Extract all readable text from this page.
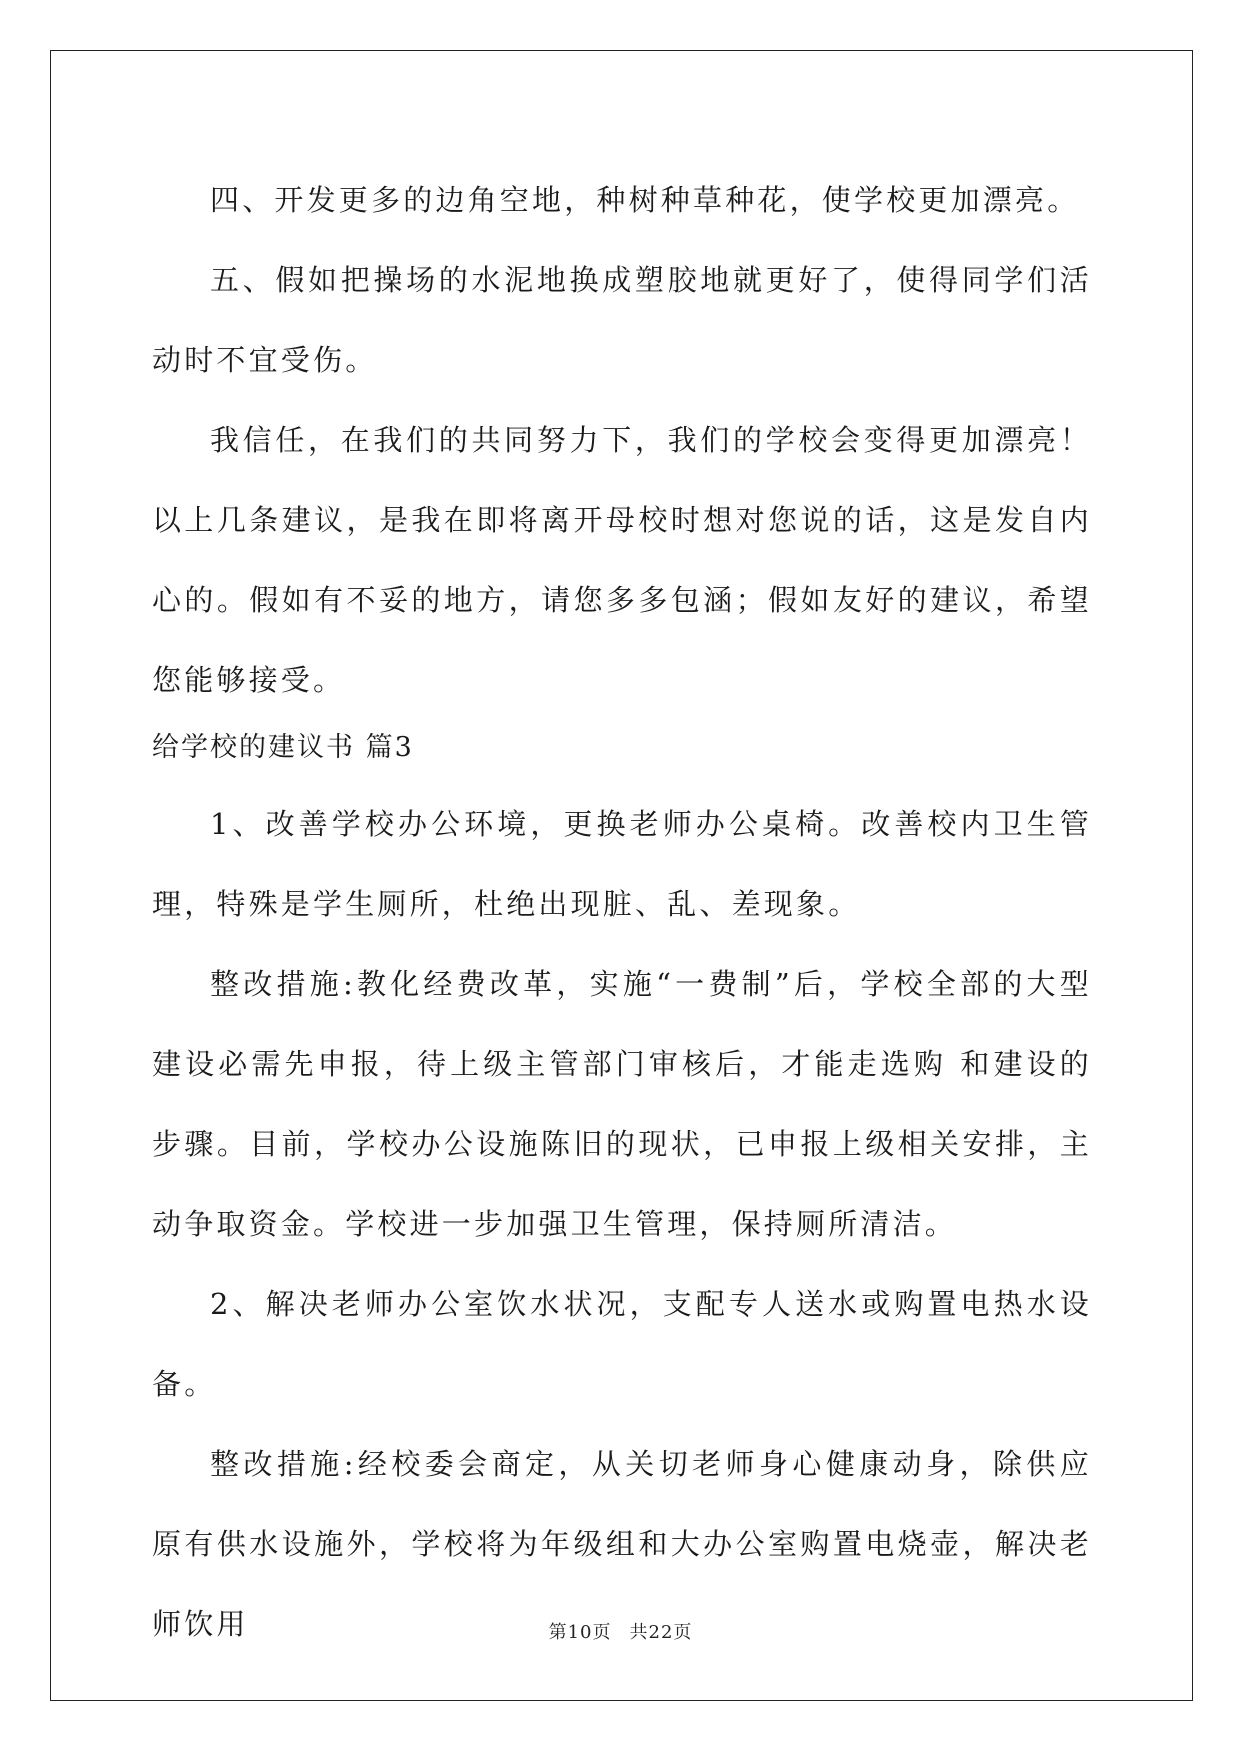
四、开发更多的边角空地，种树种草种花，使学校更加漂亮。

五、假如把操场的水泥地换成塑胶地就更好了，使得同学们活动时不宜受伤。

我信任，在我们的共同努力下，我们的学校会变得更加漂亮！ 以上几条建议，是我在即将离开母校时想对您说的话，这是发自内心的。假如有不妥的地方，请您多多包涵；假如友好的建议，希望您能够接受。

给学校的建议书 篇3

1、改善学校办公环境，更换老师办公桌椅。改善校内卫生管理，特殊是学生厕所，杜绝出现脏、乱、差现象。

整改措施:教化经费改革，实施“一费制”后，学校全部的大型建设必需先申报，待上级主管部门审核后，才能走选购 和建设的步骤。目前，学校办公设施陈旧的现状，已申报上级相关安排，主动争取资金。学校进一步加强卫生管理，保持厕所清洁。

2、解决老师办公室饮水状况，支配专人送水或购置电热水设备。

整改措施:经校委会商定，从关切老师身心健康动身，除供应原有供水设施外，学校将为年级组和大办公室购置电烧壶，解决老师饮用	第10页 共22页
